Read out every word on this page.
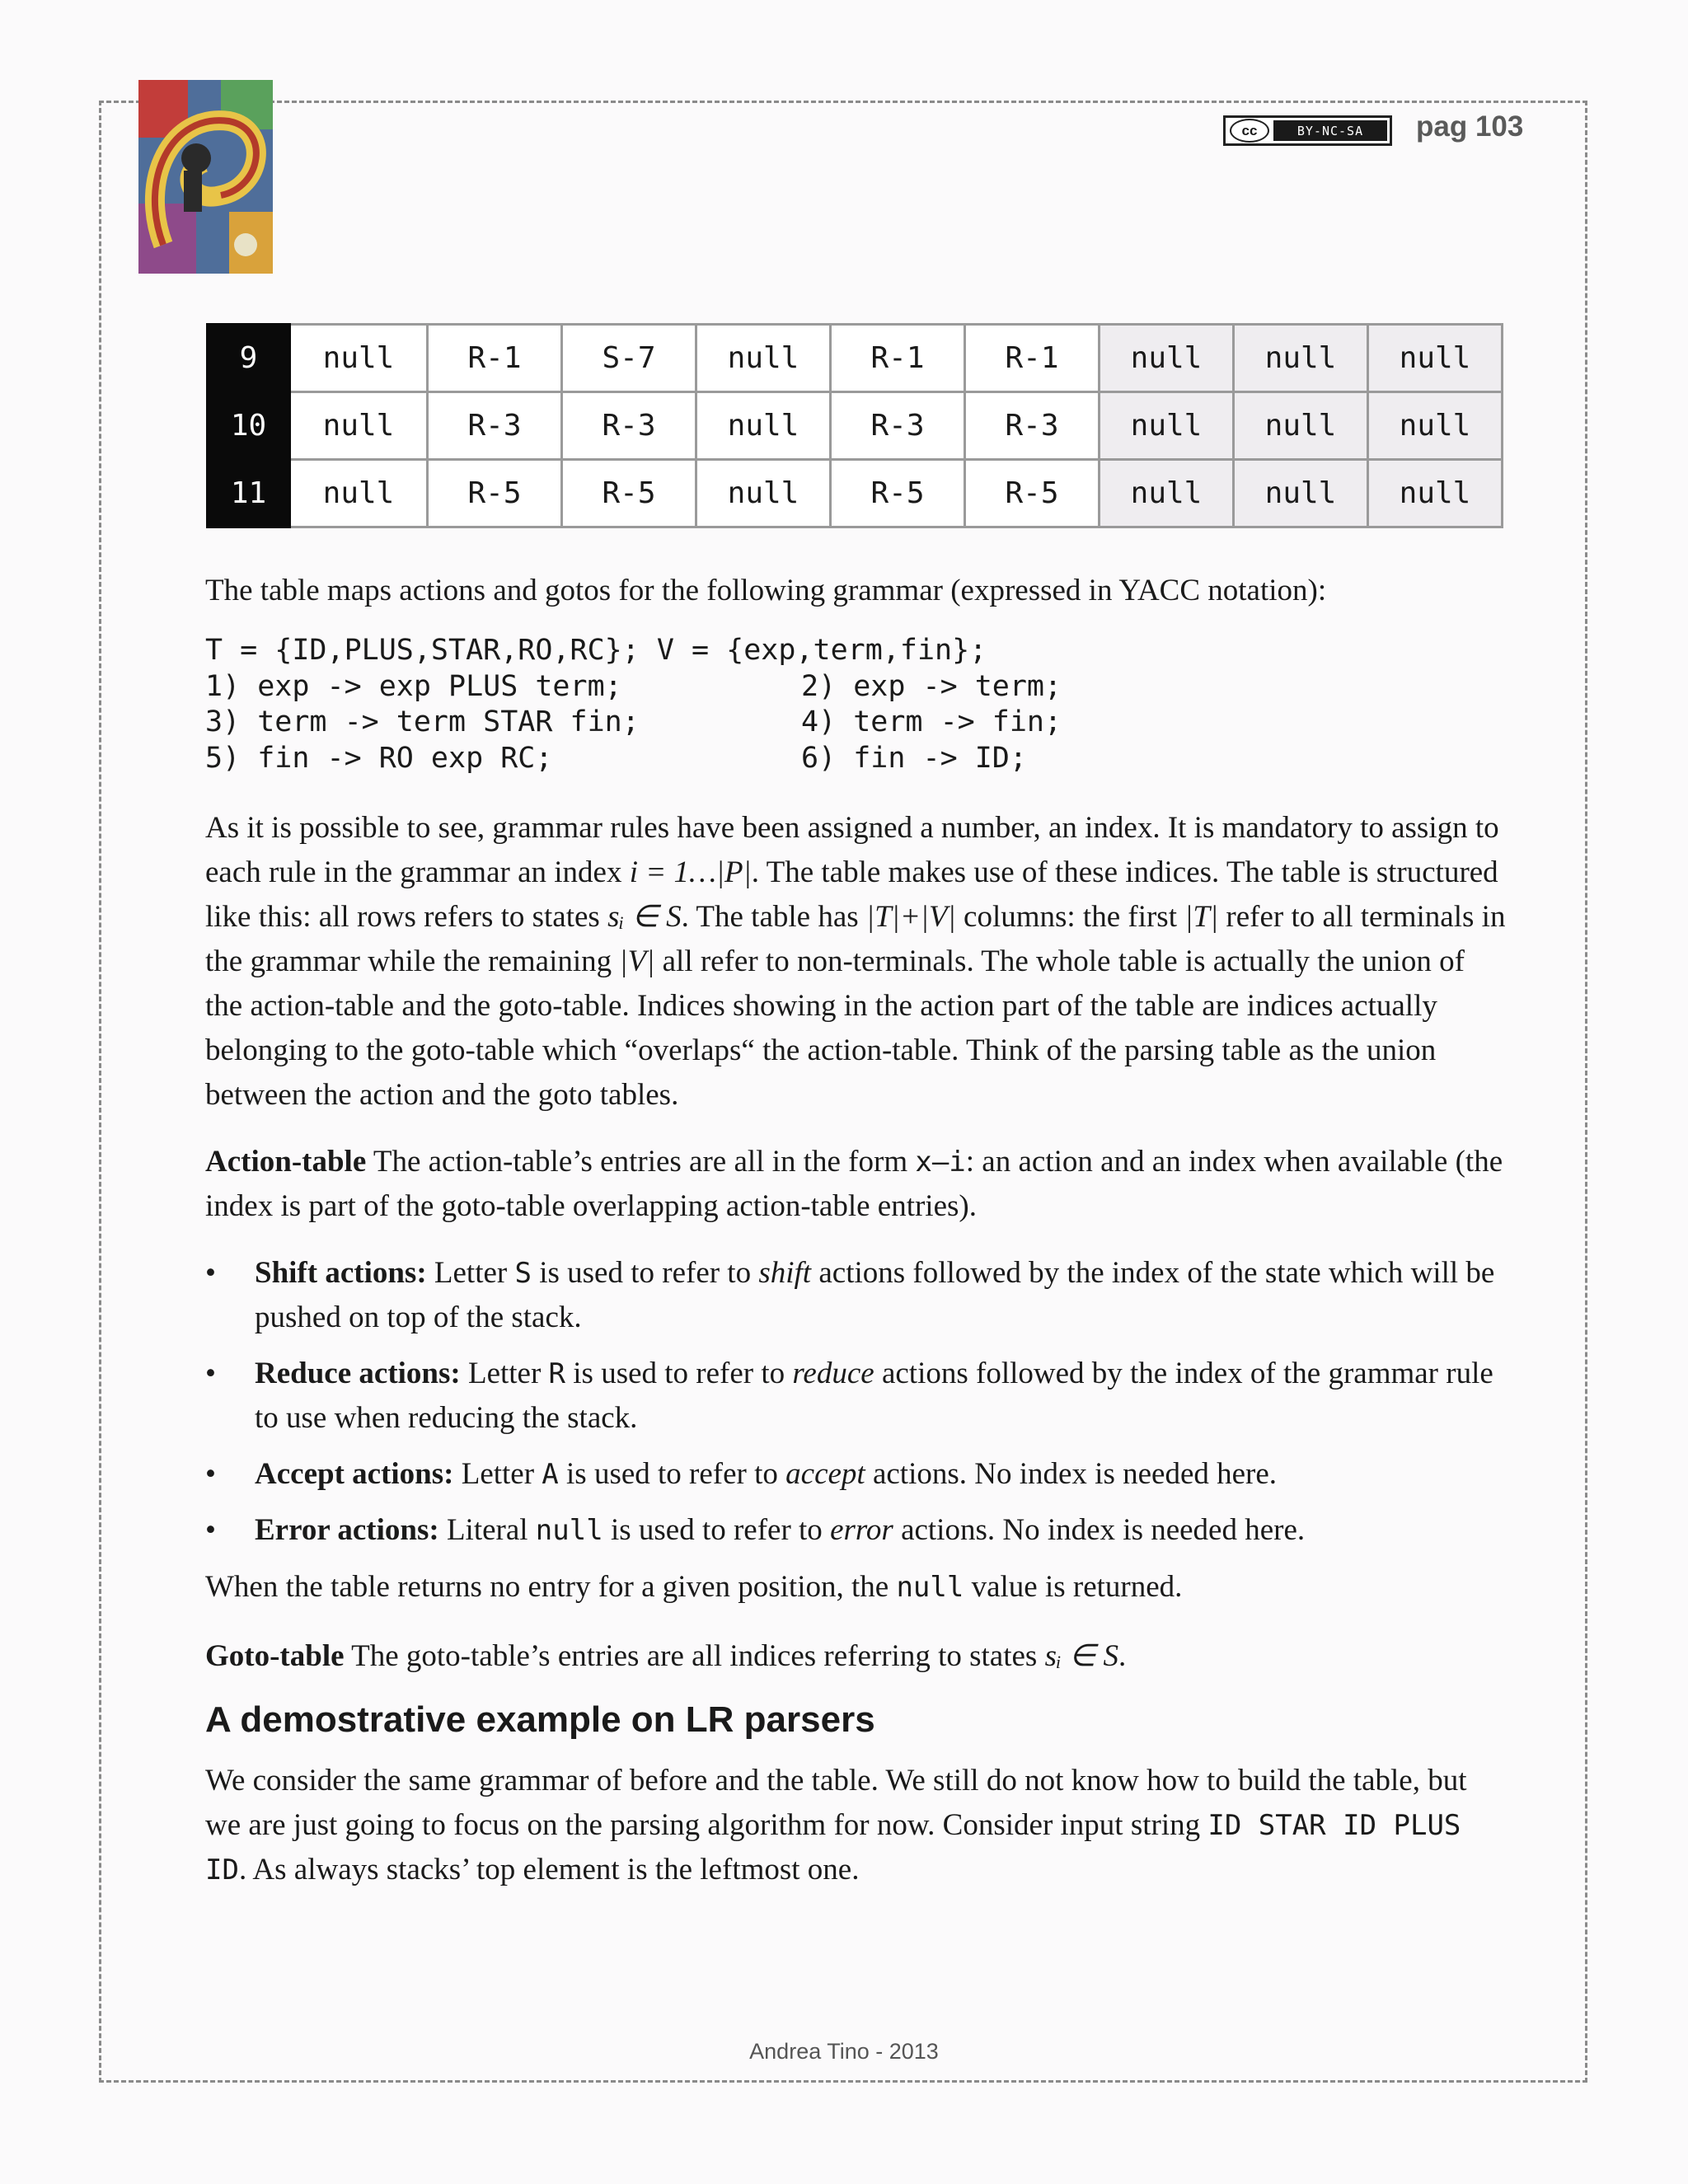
cc	BY-NC-SA	pag 103
9	null	R-1	S-7	null	R-1	R-1	null	null	null
10	null	R-3	R-3	null	R-3	R-3	null	null	null
11	null	R-5	R-5	null	R-5	R-5	null	null	null
The table maps actions and gotos for the following grammar (expressed in YACC notation):
T = {ID,PLUS,STAR,RO,RC}; V = {exp,term,fin};
1) exp -> exp PLUS term;	2) exp -> term;
3) term -> term STAR fin;	4) term -> fin;
5) fin -> RO exp RC;	6) fin -> ID;
As it is possible to see, grammar rules have been assigned a number, an index. It is mandatory to assign to each rule in the grammar an index i = 1…|P|. The table makes use of these indices. The table is structured like this: all rows refers to states sᵢ ∈ S. The table has |T|+|V| columns: the first |T| refer to all terminals in the grammar while the remaining |V| all refer to non-terminals. The whole table is actually the union of the action-table and the goto-table. Indices showing in the action part of the table are indices actually belonging to the goto-table which “overlaps“ the action-table. Think of the parsing table as the union between the action and the goto tables.
Action-table The action-table’s entries are all in the form x–i: an action and an index when available (the index is part of the goto-table overlapping action-table entries).
•	Shift actions: Letter S is used to refer to shift actions followed by the index of the state which will be pushed on top of the stack.
•	Reduce actions: Letter R is used to refer to reduce actions followed by the index of the grammar rule to use when reducing the stack.
•	Accept actions: Letter A is used to refer to accept actions. No index is needed here.
•	Error actions: Literal null is used to refer to error actions. No index is needed here.
When the table returns no entry for a given position, the null value is returned.
Goto-table The goto-table’s entries are all indices referring to states sᵢ ∈ S.
A demostrative example on LR parsers
We consider the same grammar of before and the table. We still do not know how to build the table, but we are just going to focus on the parsing algorithm for now. Consider input string ID STAR ID PLUS ID. As always stacks’ top element is the leftmost one.
Andrea Tino - 2013
